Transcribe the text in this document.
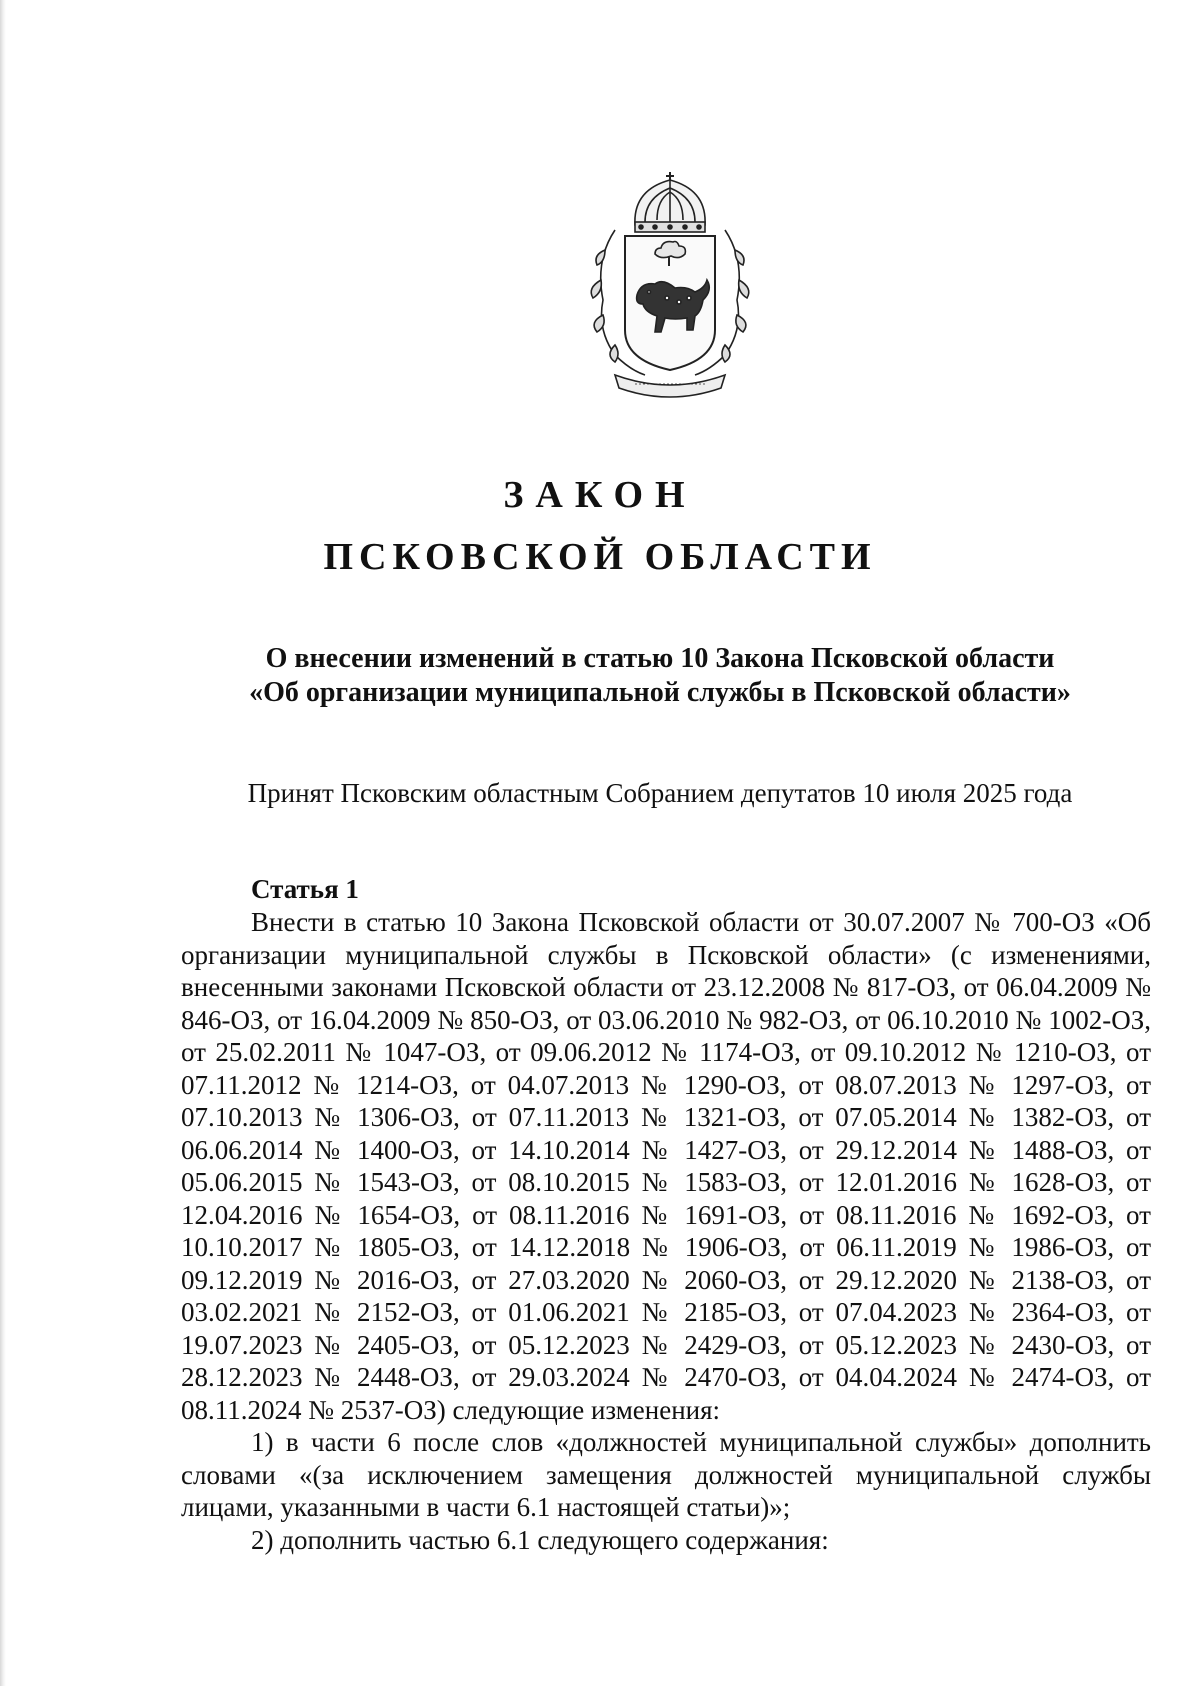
ЗАКОН
ПСКОВСКОЙ ОБЛАСТИ
О внесении изменений в статью 10 Закона Псковской области
«Об организации муниципальной службы в Псковской области»
Принят Псковским областным Собранием депутатов 10 июля 2025 года
Статья 1

Внести в статью 10 Закона Псковской области от 30.07.2007 № 700-ОЗ «Об организации муниципальной службы в Псковской области» (с изменениями, внесенными законами Псковской области от 23.12.2008 № 817-ОЗ, от 06.04.2009 № 846-ОЗ, от 16.04.2009 № 850-ОЗ, от 03.06.2010 № 982-ОЗ, от 06.10.2010 № 1002-ОЗ, от 25.02.2011 № 1047-ОЗ, от 09.06.2012 № 1174-ОЗ, от 09.10.2012 № 1210-ОЗ, от 07.11.2012 № 1214-ОЗ, от 04.07.2013 № 1290-ОЗ, от 08.07.2013 № 1297-ОЗ, от 07.10.2013 № 1306-ОЗ, от 07.11.2013 № 1321-ОЗ, от 07.05.2014 № 1382-ОЗ, от 06.06.2014 № 1400-ОЗ, от 14.10.2014 № 1427-ОЗ, от 29.12.2014 № 1488-ОЗ, от 05.06.2015 № 1543-ОЗ, от 08.10.2015 № 1583-ОЗ, от 12.01.2016 № 1628-ОЗ, от 12.04.2016 № 1654-ОЗ, от 08.11.2016 № 1691-ОЗ, от 08.11.2016 № 1692-ОЗ, от 10.10.2017 № 1805-ОЗ, от 14.12.2018 № 1906-ОЗ, от 06.11.2019 № 1986-ОЗ, от 09.12.2019 № 2016-ОЗ, от 27.03.2020 № 2060-ОЗ, от 29.12.2020 № 2138-ОЗ, от 03.02.2021 № 2152-ОЗ, от 01.06.2021 № 2185-ОЗ, от 07.04.2023 № 2364-ОЗ, от 19.07.2023 № 2405-ОЗ, от 05.12.2023 № 2429-ОЗ, от 05.12.2023 № 2430-ОЗ, от 28.12.2023 № 2448-ОЗ, от 29.03.2024 № 2470-ОЗ, от 04.04.2024 № 2474-ОЗ, от 08.11.2024 № 2537-ОЗ) следующие изменения:

1) в части 6 после слов «должностей муниципальной службы» дополнить словами «(за исключением замещения должностей муниципальной службы лицами, указанными в части 6.1 настоящей статьи)»;

2) дополнить частью 6.1 следующего содержания:
